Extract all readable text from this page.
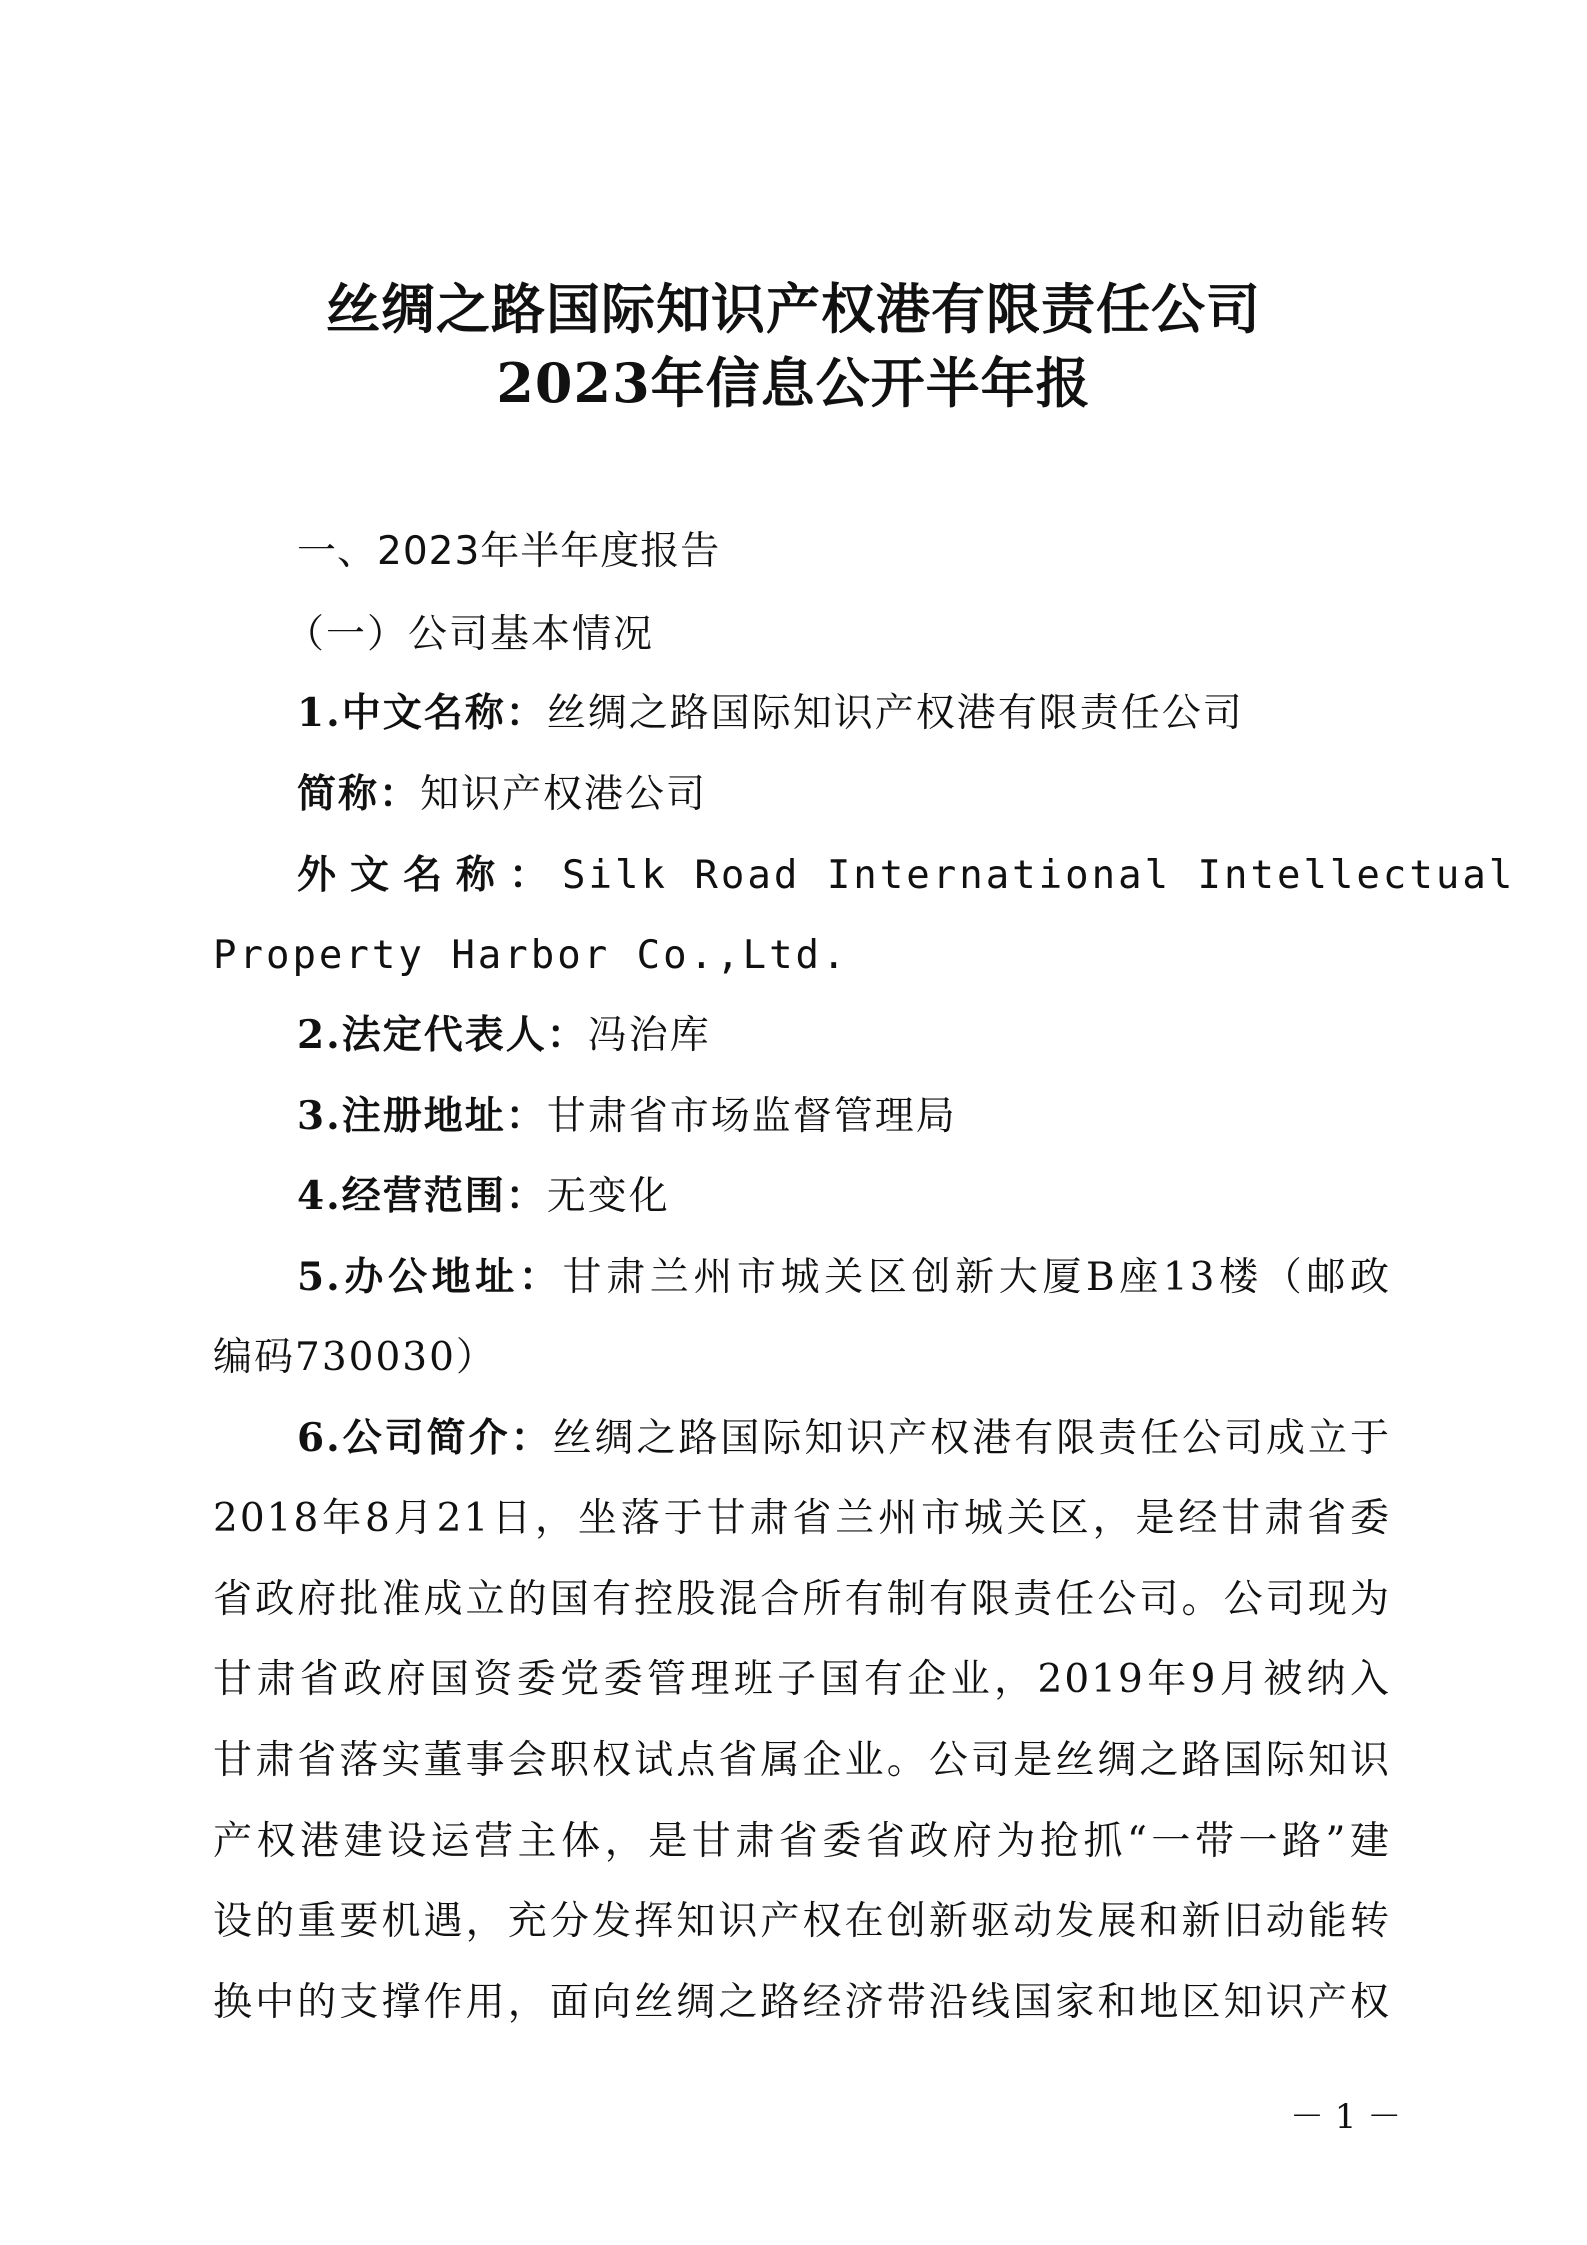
丝绸之路国际知识产权港有限责任公司
2023年信息公开半年报
一、2023年半年度报告
（一）公司基本情况
1.中文名称：丝绸之路国际知识产权港有限责任公司
简称：知识产权港公司
外文名称：Silk Road International Intellectual
Property Harbor Co.,Ltd.
2.法定代表人：冯治库
3.注册地址：甘肃省市场监督管理局
4.经营范围：无变化
5.办公地址：甘肃兰州市城关区创新大厦B座13楼（邮政
编码730030）
6.公司简介：丝绸之路国际知识产权港有限责任公司成立于
2018年8月21日，坐落于甘肃省兰州市城关区，是经甘肃省委
省政府批准成立的国有控股混合所有制有限责任公司。公司现为
甘肃省政府国资委党委管理班子国有企业，2019年9月被纳入
甘肃省落实董事会职权试点省属企业。公司是丝绸之路国际知识
产权港建设运营主体，是甘肃省委省政府为抢抓“一带一路”建
设的重要机遇，充分发挥知识产权在创新驱动发展和新旧动能转
换中的支撑作用，面向丝绸之路经济带沿线国家和地区知识产权
－ 1 －
